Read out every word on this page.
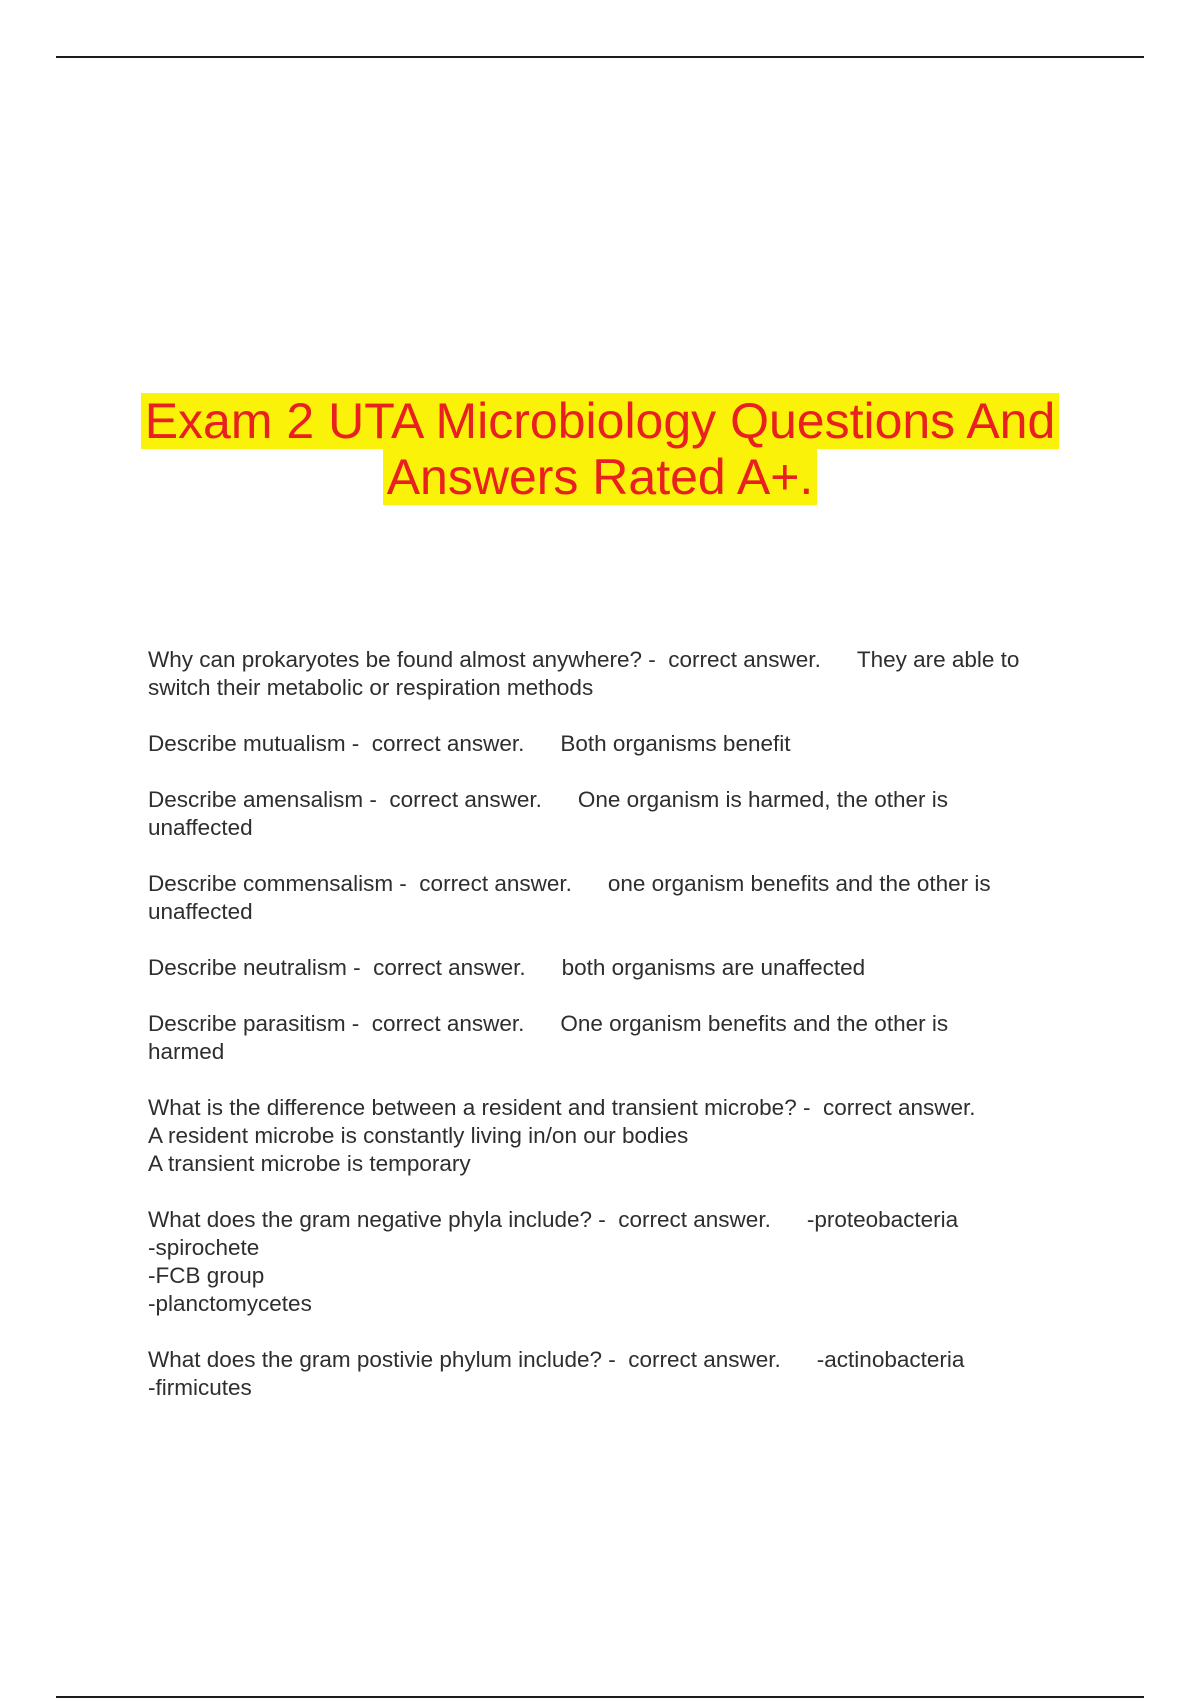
Exam 2 UTA Microbiology Questions And
Answers Rated A+.
Why can prokaryotes be found almost anywhere? -  correct answer. They are able to
switch their metabolic or respiration methods
Describe mutualism -  correct answer. Both organisms benefit
Describe amensalism -  correct answer. One organism is harmed, the other is
unaffected
Describe commensalism -  correct answer. one organism benefits and the other is
unaffected
Describe neutralism -  correct answer. both organisms are unaffected
Describe parasitism -  correct answer. One organism benefits and the other is
harmed
What is the difference between a resident and transient microbe? -  correct answer.
A resident microbe is constantly living in/on our bodies
A transient microbe is temporary
What does the gram negative phyla include? -  correct answer. -proteobacteria
-spirochete
-FCB group
-planctomycetes
What does the gram postivie phylum include? -  correct answer. -actinobacteria
-firmicutes
